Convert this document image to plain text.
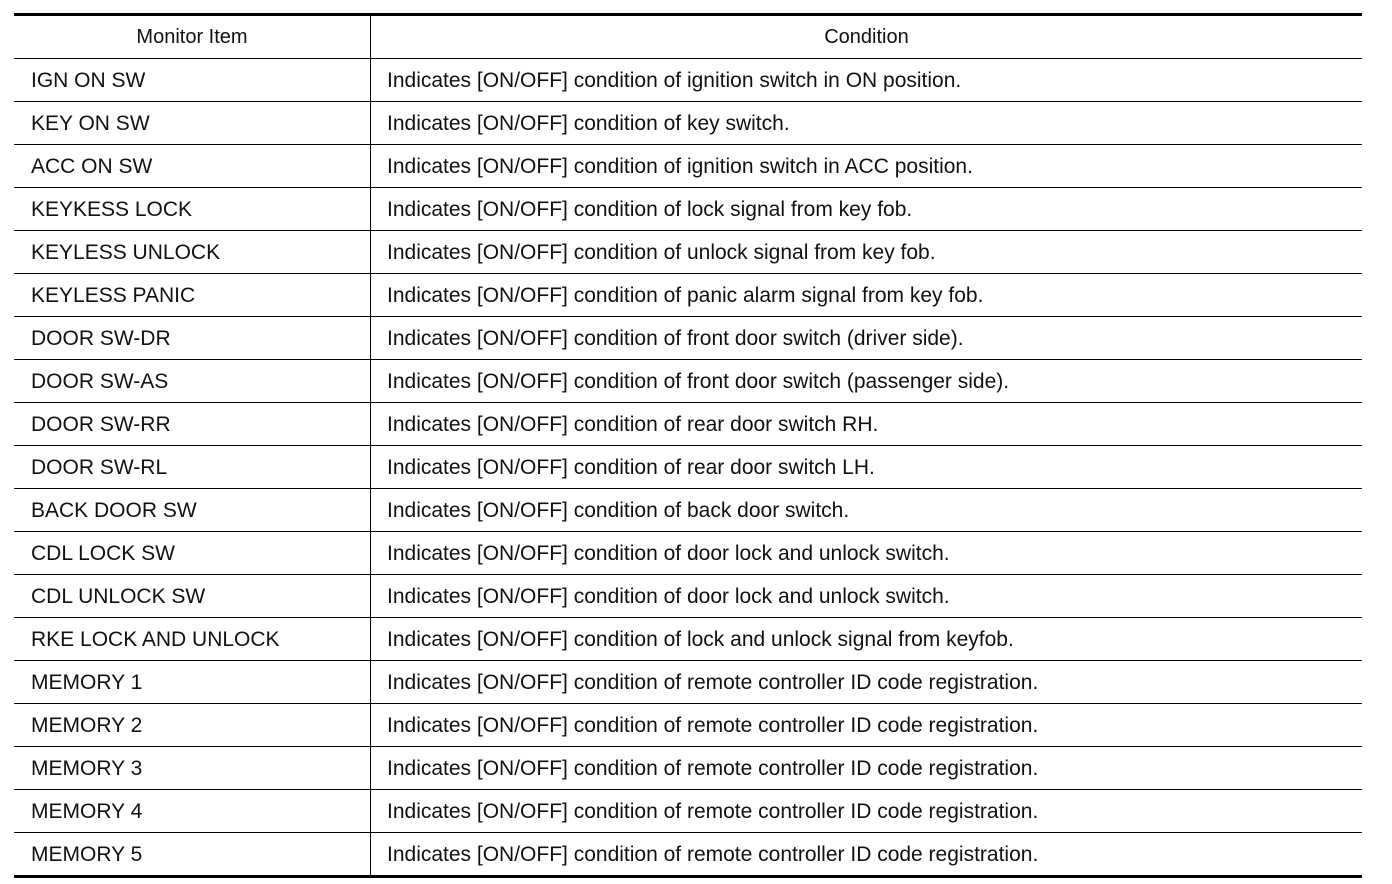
Monitor Item	Condition
IGN ON SW	Indicates [ON/OFF] condition of ignition switch in ON position.
KEY ON SW	Indicates [ON/OFF] condition of key switch.
ACC ON SW	Indicates [ON/OFF] condition of ignition switch in ACC position.
KEYKESS LOCK	Indicates [ON/OFF] condition of lock signal from key fob.
KEYLESS UNLOCK	Indicates [ON/OFF] condition of unlock signal from key fob.
KEYLESS PANIC	Indicates [ON/OFF] condition of panic alarm signal from key fob.
DOOR SW-DR	Indicates [ON/OFF] condition of front door switch (driver side).
DOOR SW-AS	Indicates [ON/OFF] condition of front door switch (passenger side).
DOOR SW-RR	Indicates [ON/OFF] condition of rear door switch RH.
DOOR SW-RL	Indicates [ON/OFF] condition of rear door switch LH.
BACK DOOR SW	Indicates [ON/OFF] condition of back door switch.
CDL LOCK SW	Indicates [ON/OFF] condition of door lock and unlock switch.
CDL UNLOCK SW	Indicates [ON/OFF] condition of door lock and unlock switch.
RKE LOCK AND UNLOCK	Indicates [ON/OFF] condition of lock and unlock signal from keyfob.
MEMORY 1	Indicates [ON/OFF] condition of remote controller ID code registration.
MEMORY 2	Indicates [ON/OFF] condition of remote controller ID code registration.
MEMORY 3	Indicates [ON/OFF] condition of remote controller ID code registration.
MEMORY 4	Indicates [ON/OFF] condition of remote controller ID code registration.
MEMORY 5	Indicates [ON/OFF] condition of remote controller ID code registration.
